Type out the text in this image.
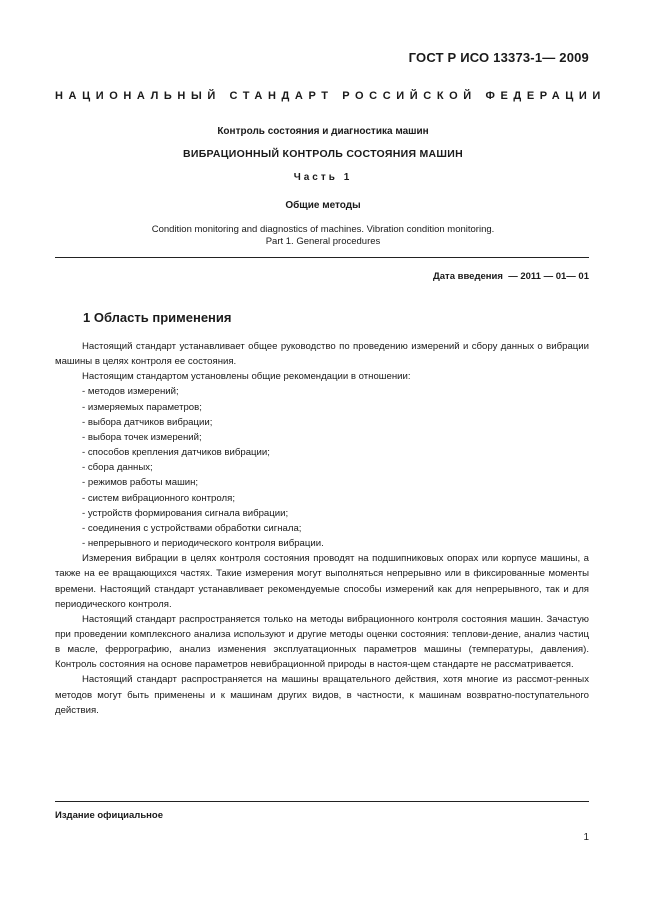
ГОСТ Р ИСО 13373-1— 2009
НАЦИОНАЛЬНЫЙ СТАНДАРТ РОССИЙСКОЙ ФЕДЕРАЦИИ
Контроль состояния и диагностика машин
ВИБРАЦИОННЫЙ КОНТРОЛЬ СОСТОЯНИЯ МАШИН
Часть 1
Общие методы
Condition monitoring and diagnostics of machines. Vibration condition monitoring.
Part 1. General procedures
Дата введения — 2011 — 01— 01
1 Область применения

Настоящий стандарт устанавливает общее руководство по проведению измерений и сбору данных о вибрации машины в целях контроля ее состояния.

Настоящим стандартом установлены общие рекомендации в отношении:

- методов измерений;

- измеряемых параметров;

- выбора датчиков вибрации;

- выбора точек измерений;

- способов крепления датчиков вибрации;

- сбора данных;

- режимов работы машин;

- систем вибрационного контроля;

- устройств формирования сигнала вибрации;

- соединения с устройствами обработки сигнала;

- непрерывного и периодического контроля вибрации.

Измерения вибрации в целях контроля состояния проводят на подшипниковых опорах или корпусе машины, а также на ее вращающихся частях. Такие измерения могут выполняться непрерывно или в фиксированные моменты времени. Настоящий стандарт устанавливает рекомендуемые способы измерений как для непрерывного, так и для периодического контроля.

Настоящий стандарт распространяется только на методы вибрационного контроля состояния машин. Зачастую при проведении комплексного анализа используют и другие методы оценки состояния: теплови-дение, анализ частиц в масле, феррографию, анализ изменения эксплуатационных параметров машины (температуры, давления). Контроль состояния на основе параметров невибрационной природы в настоя-щем стандарте не рассматривается.

Настоящий стандарт распространяется на машины вращательного действия, хотя многие из рассмот-ренных методов могут быть применены и к машинам других видов, в частности, к машинам возвратно-поступательного действия.

Издание официальное
1
